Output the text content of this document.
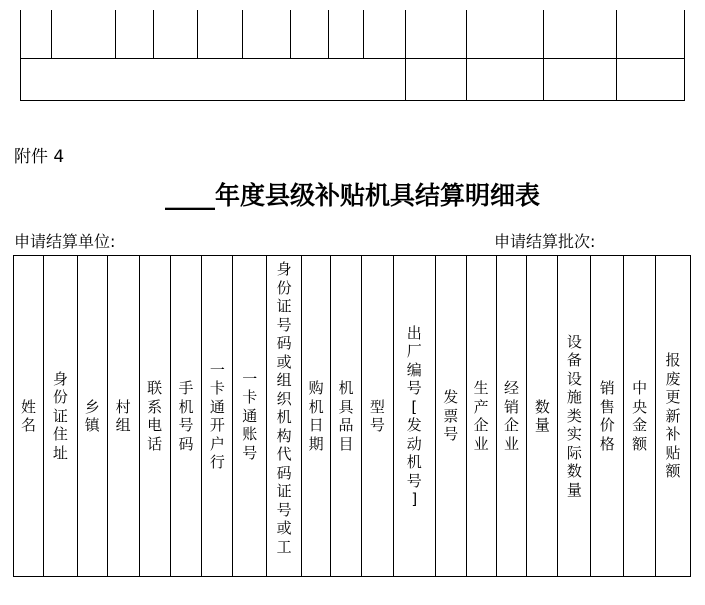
附件 4
____年度县级补贴机具结算明细表
申请结算单位:	申请结算批次:
姓
名
身
份
证
住
址
乡
镇
村
组
联
系
电
话
手
机
号
码
一
卡
通
开
户
行
一
卡
通
账
号
身
份
证
号
码
或
组
织
机
构
代
码
证
号
或
工
购
机
日
期
机
具
品
目
型
号
出
厂
编
号
[
发
动
机
号
]
发
票
号
生
产
企
业
经
销
企
业
数
量
设
备
设
施
类
实
际
数
量
销
售
价
格
中
央
金
额
报
废
更
新
补
贴
额
